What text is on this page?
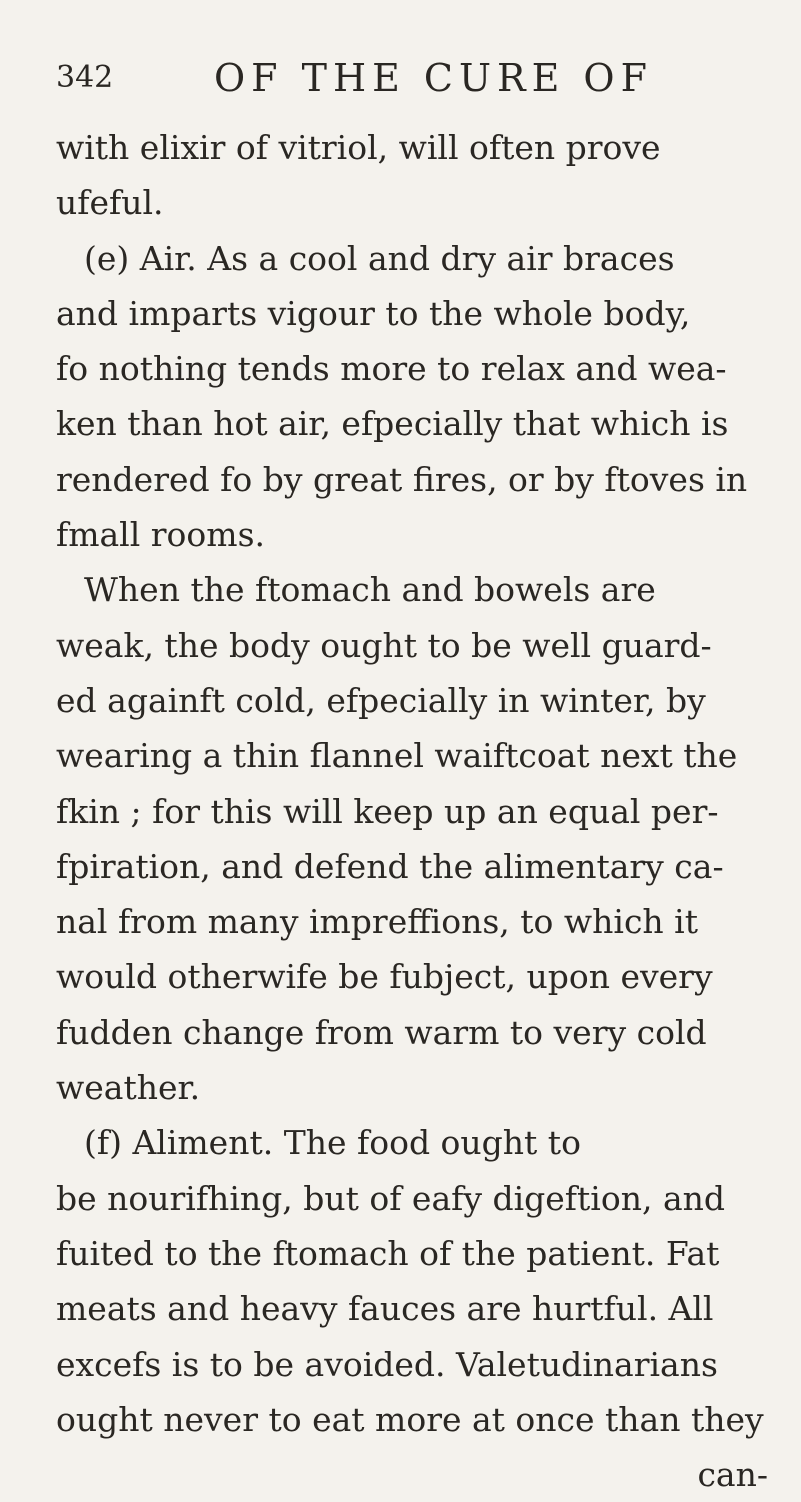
342	OF THE CURE OF
with elixir of vitriol, will often prove
ufeful.
(e) Air. As a cool and dry air braces
and imparts vigour to the whole body,
fo nothing tends more to relax and wea-
ken than hot air, efpecially that which is
rendered fo by great fires, or by ftoves in
fmall rooms.
When the ftomach and bowels are
weak, the body ought to be well guard-
ed againft cold, efpecially in winter, by
wearing a thin flannel waiftcoat next the
fkin ; for this will keep up an equal per-
fpiration, and defend the alimentary ca-
nal from many impreffions, to which it
would otherwife be fubject, upon every
fudden change from warm to very cold
weather.
(f) Aliment. The food ought to
be nourifhing, but of eafy digeftion, and
fuited to the ftomach of the patient. Fat
meats and heavy fauces are hurtful. All
excefs is to be avoided. Valetudinarians
ought never to eat more at once than they
can-
